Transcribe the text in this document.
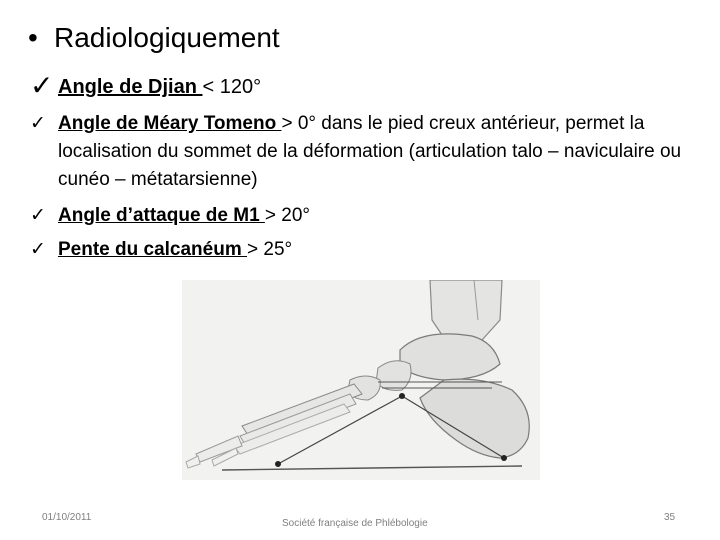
• Radiologiquement
✓ Angle de Djian < 120°
✓ Angle de Méary Tomeno > 0° dans le pied creux antérieur, permet la localisation du sommet de la déformation (articulation talo – naviculaire ou cunéo – métatarsienne)
✓ Angle d’attaque de M1 > 20°
✓ Pente du calcanéum > 25°
01/10/2011
Société française de Phlébologie
35
